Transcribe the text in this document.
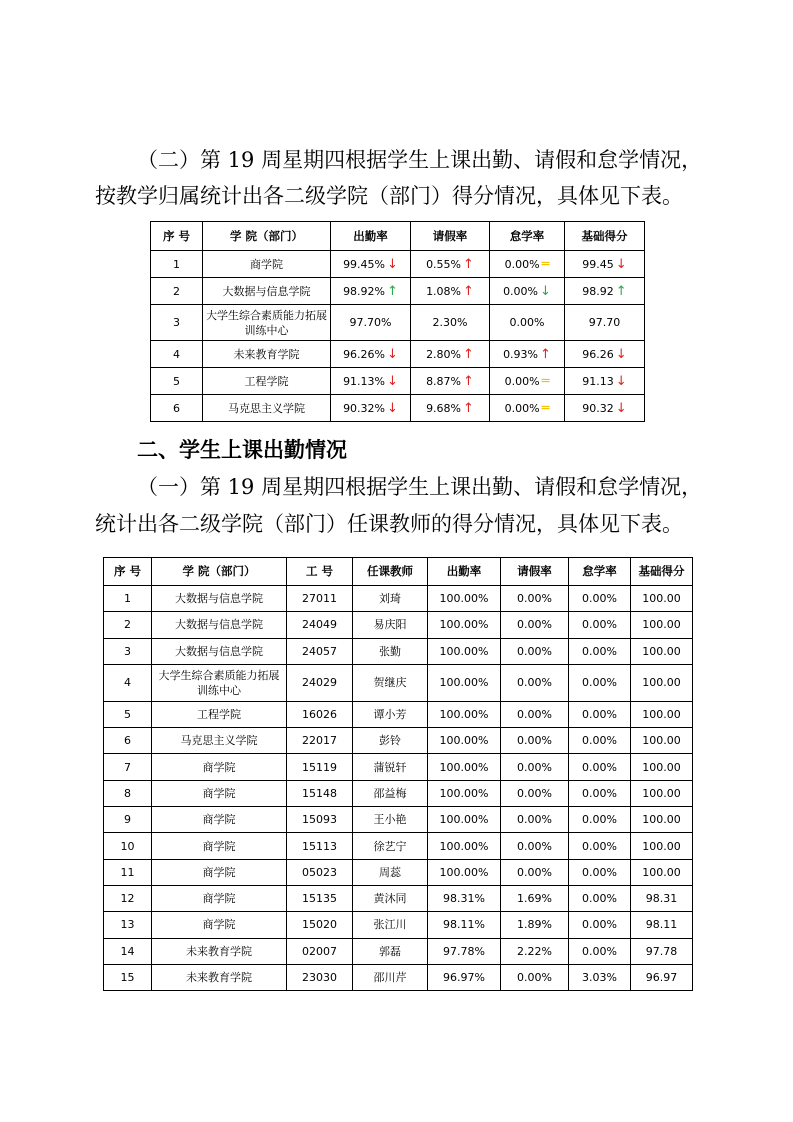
（二）第 19 周星期四根据学生上课出勤、请假和怠学情况，

按教学归属统计出各二级学院（部门）得分情况，具体见下表。

序 号	学 院（部门）	出勤率	请假率	怠学率	基础得分
1	商学院	99.45% ↓	0.55% ↑	0.00% ═	99.45 ↓
2	大数据与信息学院	98.92% ↑	1.08% ↑	0.00% ↓	98.92 ↑
3	大学生综合素质能力拓展训练中心	97.70%	2.30%	0.00%	97.70
4	未来教育学院	96.26% ↓	2.80% ↑	0.93% ↑	96.26 ↓
5	工程学院	91.13% ↓	8.87% ↑	0.00% ═	91.13 ↓
6	马克思主义学院	90.32% ↓	9.68% ↑	0.00% ═	90.32 ↓

二、学生上课出勤情况

（一）第 19 周星期四根据学生上课出勤、请假和怠学情况，

统计出各二级学院（部门）任课教师的得分情况，具体见下表。

序 号	学 院（部门）	工 号	任课教师	出勤率	请假率	怠学率	基础得分
1	大数据与信息学院	27011	刘琦	100.00%	0.00%	0.00%	100.00
2	大数据与信息学院	24049	易庆阳	100.00%	0.00%	0.00%	100.00
3	大数据与信息学院	24057	张勤	100.00%	0.00%	0.00%	100.00
4	大学生综合素质能力拓展训练中心	24029	贺继庆	100.00%	0.00%	0.00%	100.00
5	工程学院	16026	谭小芳	100.00%	0.00%	0.00%	100.00
6	马克思主义学院	22017	彭铃	100.00%	0.00%	0.00%	100.00
7	商学院	15119	蒲锐轩	100.00%	0.00%	0.00%	100.00
8	商学院	15148	邵益梅	100.00%	0.00%	0.00%	100.00
9	商学院	15093	王小艳	100.00%	0.00%	0.00%	100.00
10	商学院	15113	徐艺宁	100.00%	0.00%	0.00%	100.00
11	商学院	05023	周蕊	100.00%	0.00%	0.00%	100.00
12	商学院	15135	黄沐同	98.31%	1.69%	0.00%	98.31
13	商学院	15020	张江川	98.11%	1.89%	0.00%	98.11
14	未来教育学院	02007	郭磊	97.78%	2.22%	0.00%	97.78
15	未来教育学院	23030	邵川芹	96.97%	0.00%	3.03%	96.97
